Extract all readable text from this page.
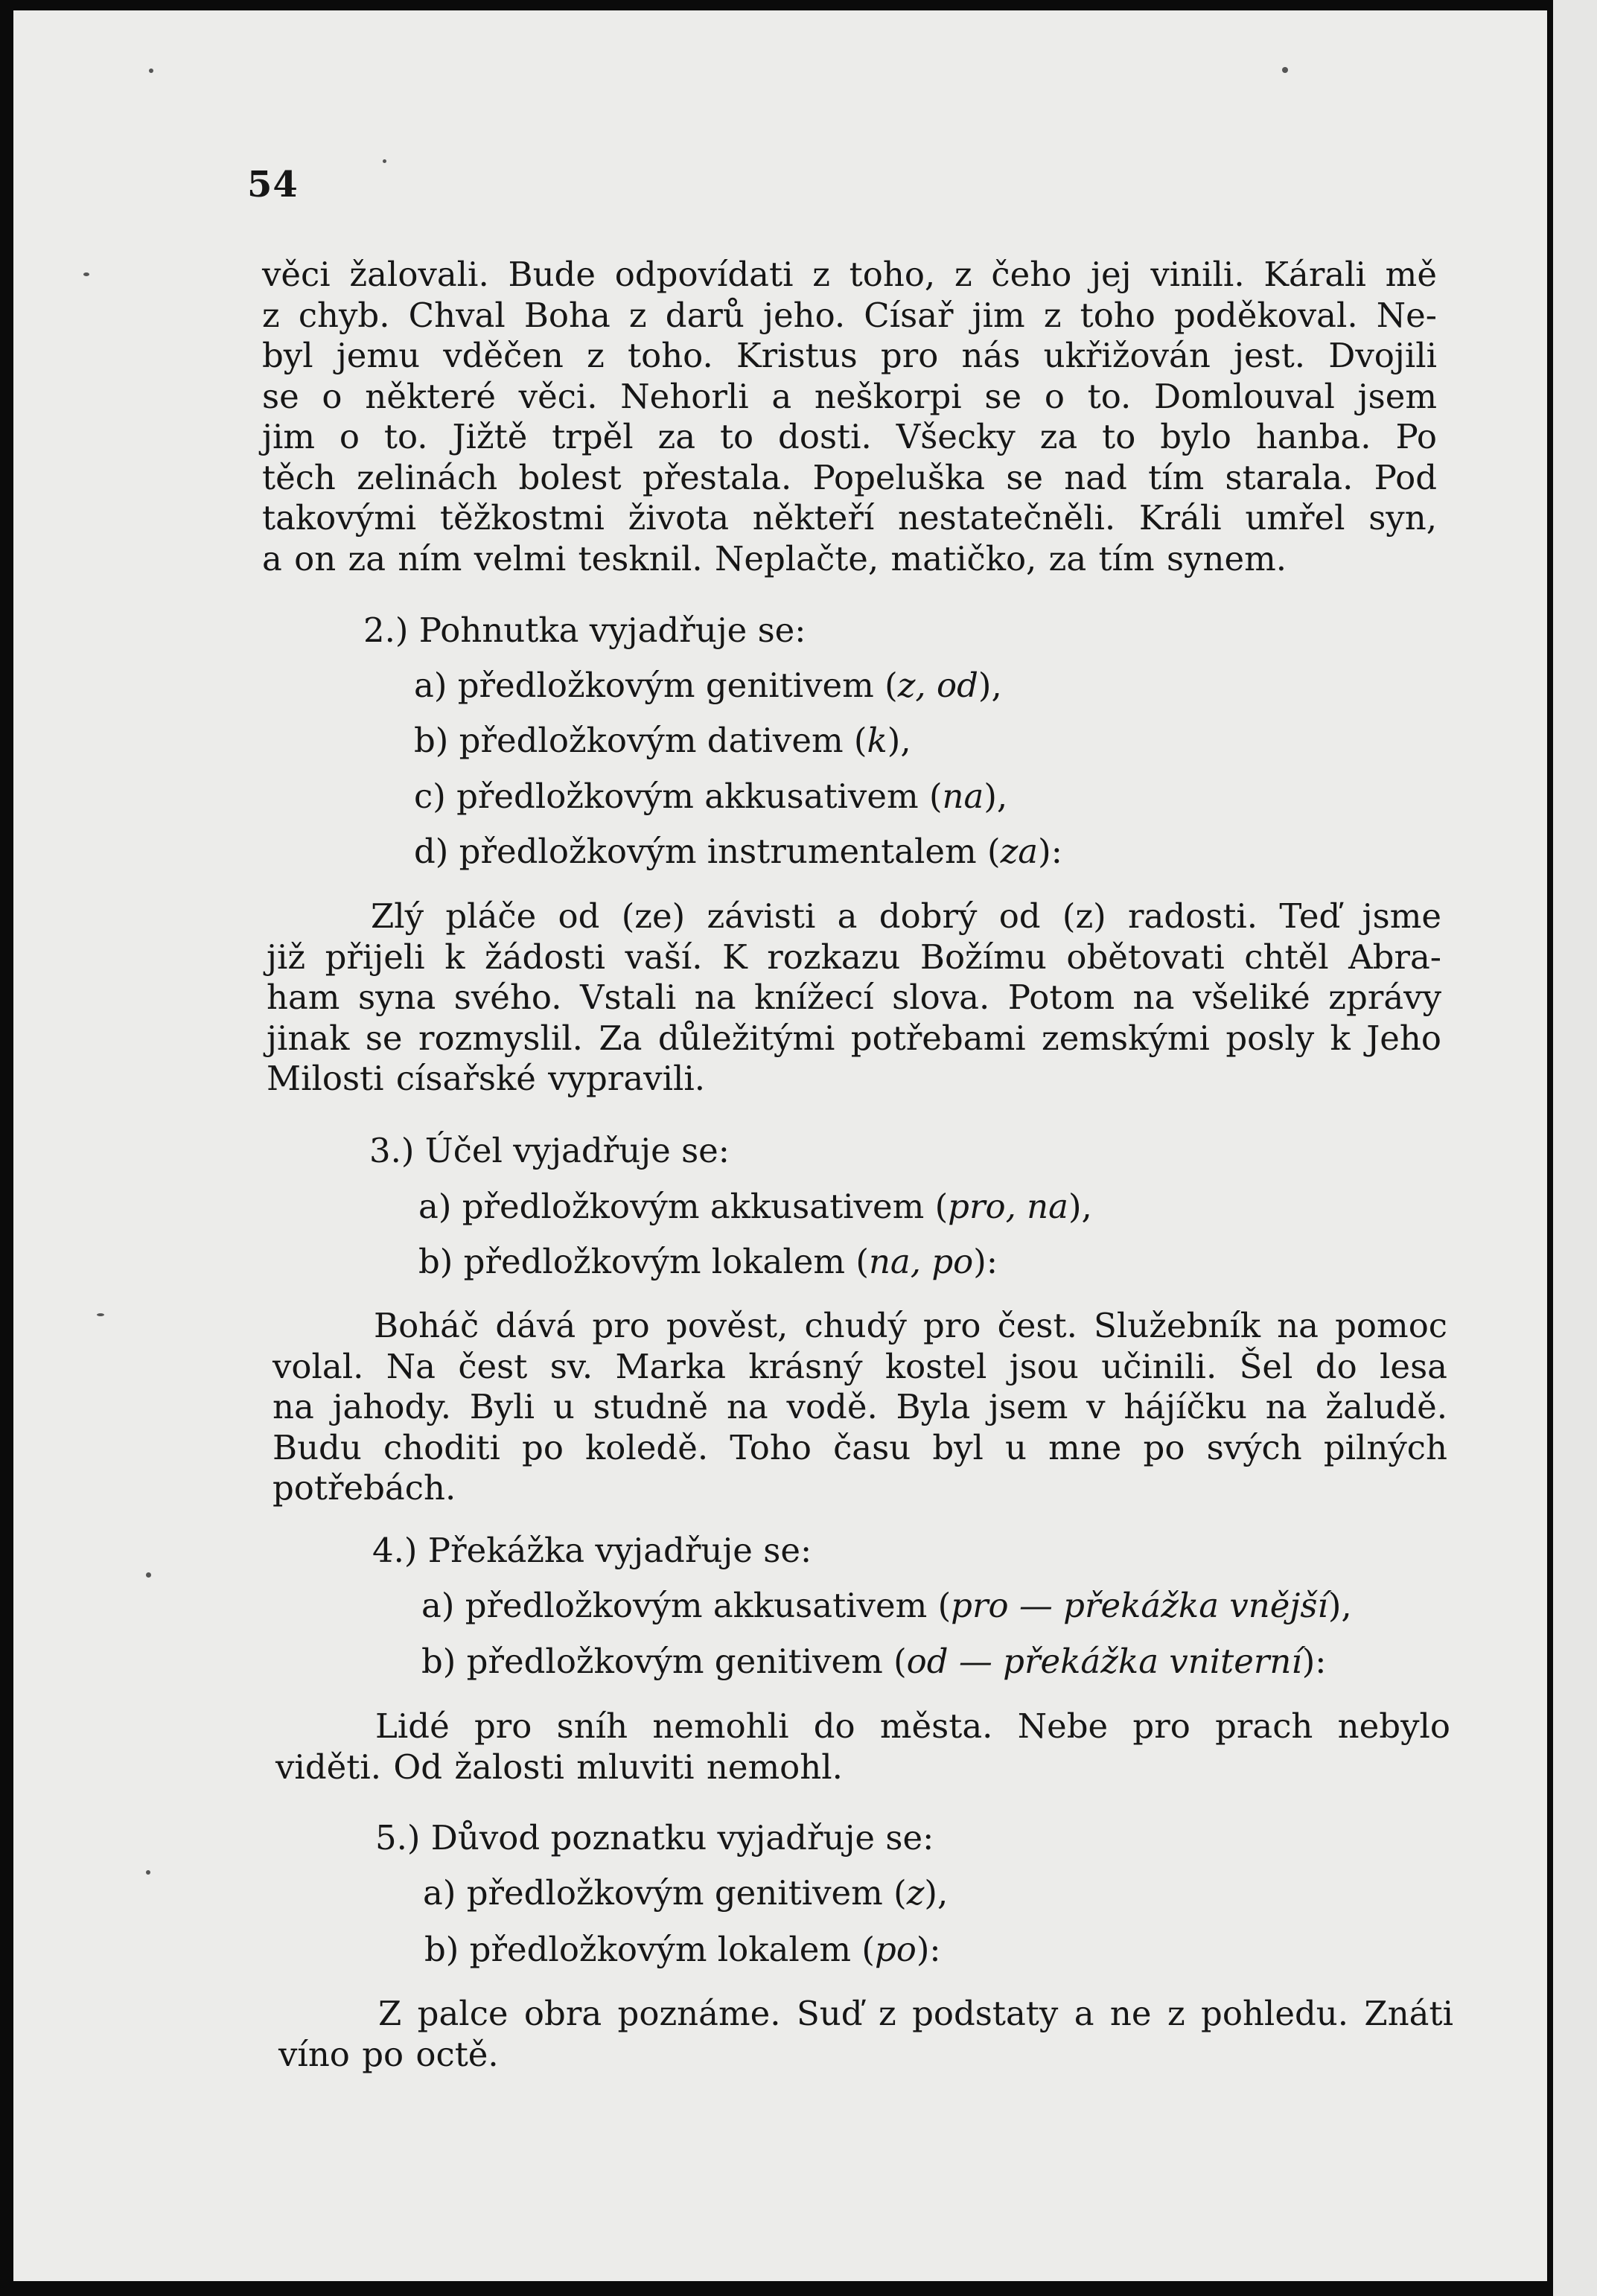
54
věci žalovali. Bude odpovídati z toho, z čeho jej vinili. Kárali mě
z chyb. Chval Boha z darů jeho. Císař jim z toho poděkoval. Ne-
byl jemu vděčen z toho. Kristus pro nás ukřižován jest. Dvojili
se o některé věci. Nehorli a neškorpi se o to. Domlouval jsem
jim o to. Jižtě trpěl za to dosti. Všecky za to bylo hanba. Po
těch zelinách bolest přestala. Popeluška se nad tím starala. Pod
takovými těžkostmi života někteří nestatečněli. Králi umřel syn,
a on za ním velmi tesknil. Neplačte, matičko, za tím synem.
2.) Pohnutka vyjadřuje se:
a) předložkovým genitivem (z, od),
b) předložkovým dativem (k),
c) předložkovým akkusativem (na),
d) předložkovým instrumentalem (za):
Zlý pláče od (ze) závisti a dobrý od (z) radosti. Teď jsme
již přijeli k žádosti vaší. K rozkazu Božímu obětovati chtěl Abra-
ham syna svého. Vstali na knížecí slova. Potom na všeliké zprávy
jinak se rozmyslil. Za důležitými potřebami zemskými posly k Jeho
Milosti císařské vypravili.
3.) Účel vyjadřuje se:
a) předložkovým akkusativem (pro, na),
b) předložkovým lokalem (na, po):
Boháč dává pro pověst, chudý pro čest. Služebník na pomoc
volal. Na čest sv. Marka krásný kostel jsou učinili. Šel do lesa
na jahody. Byli u studně na vodě. Byla jsem v hájíčku na žaludě.
Budu choditi po koledě. Toho času byl u mne po svých pilných
potřebách.
4.) Překážka vyjadřuje se:
a) předložkovým akkusativem (pro — překážka vnější),
b) předložkovým genitivem (od — překážka vniterní):
Lidé pro sníh nemohli do města. Nebe pro prach nebylo
viděti. Od žalosti mluviti nemohl.
5.) Důvod poznatku vyjadřuje se:
a) předložkovým genitivem (z),
b) předložkovým lokalem (po):
Z palce obra poznáme. Suď z podstaty a ne z pohledu. Znáti
víno po octě.
